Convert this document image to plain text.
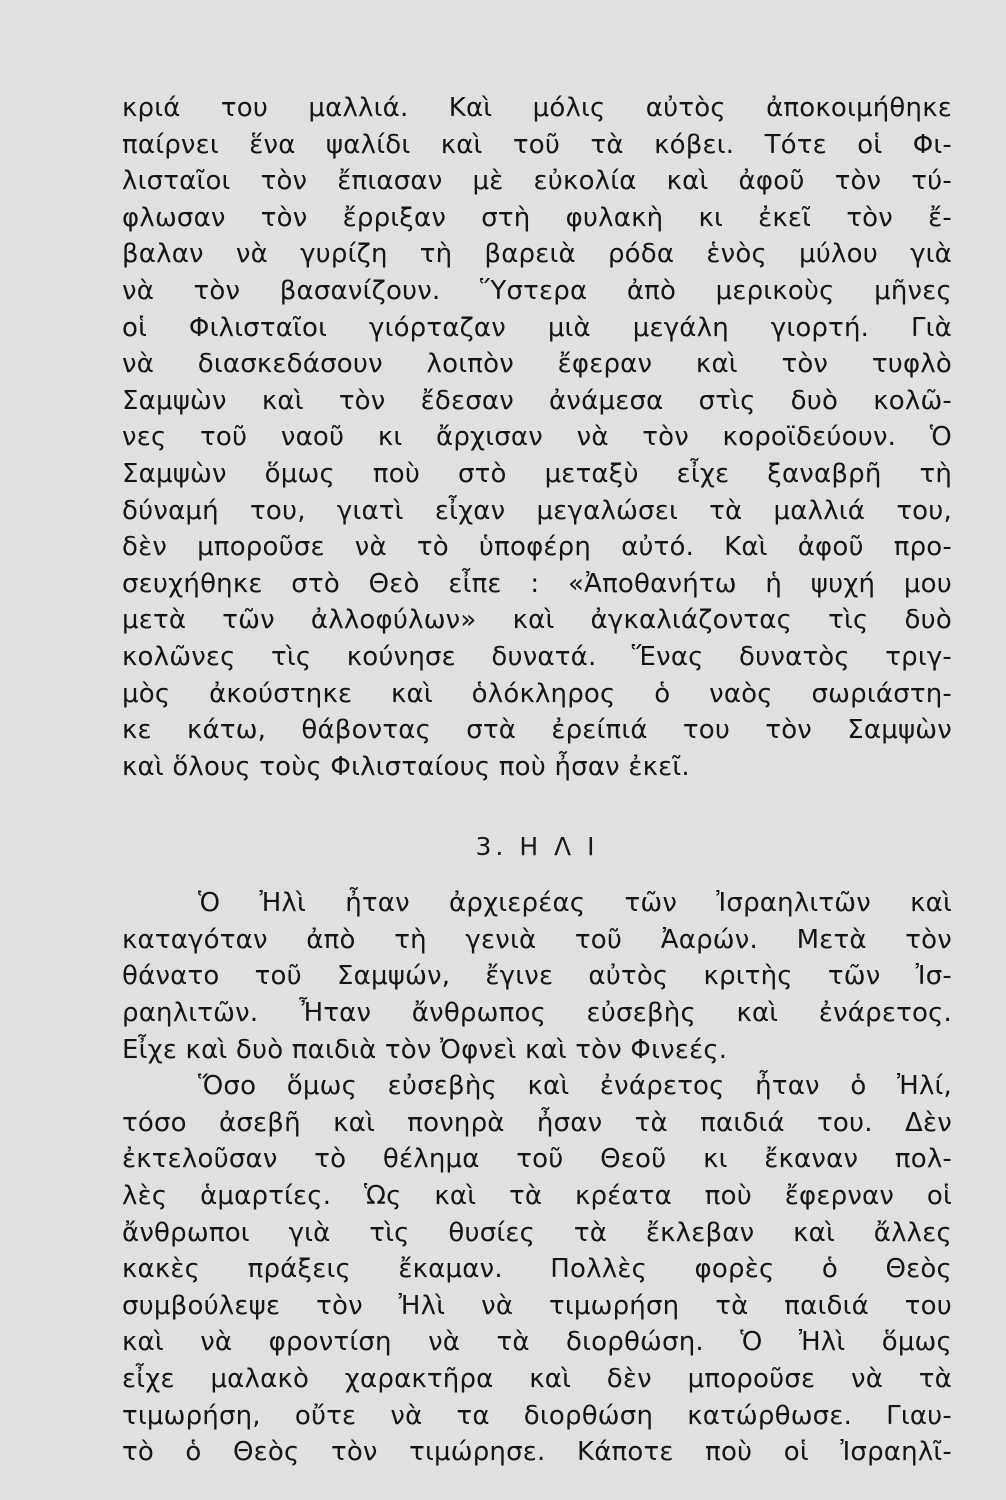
κριά του μαλλιά. Καὶ μόλις αὐτὸς ἀποκοιμήθηκε
παίρνει ἕνα ψαλίδι καὶ τοῦ τὰ κόβει. Τότε οἱ Φι-
λισταῖοι τὸν ἔπιασαν μὲ εὐκολία καὶ ἀφοῦ τὸν τύ-
φλωσαν τὸν ἔρριξαν στὴ φυλακὴ κι ἐκεῖ τὸν ἔ-
βαλαν νὰ γυρίζη τὴ βαρειὰ ρόδα ἑνὸς μύλου γιὰ
νὰ τὸν βασανίζουν. Ὕστερα ἀπὸ μερικοὺς μῆνες
οἱ Φιλισταῖοι γιόρταζαν μιὰ μεγάλη γιορτή. Γιὰ
νὰ διασκεδάσουν λοιπὸν ἔφεραν καὶ τὸν τυφλὸ
Σαμψὼν καὶ τὸν ἔδεσαν ἀνάμεσα στὶς δυὸ κολῶ-
νες τοῦ ναοῦ κι ἄρχισαν νὰ τὸν κοροϊδεύουν. Ὁ
Σαμψὼν ὅμως ποὺ στὸ μεταξὺ εἶχε ξαναβρῆ τὴ
δύναμή του, γιατὶ εἶχαν μεγαλώσει τὰ μαλλιά του,
δὲν μποροῦσε νὰ τὸ ὑποφέρη αὐτό. Καὶ ἀφοῦ προ-
σευχήθηκε στὸ Θεὸ εἶπε : «Ἀποθανήτω ἡ ψυχή μου
μετὰ τῶν ἀλλοφύλων» καὶ ἀγκαλιάζοντας τὶς δυὸ
κολῶνες τὶς κούνησε δυνατά. Ἕνας δυνατὸς τριγ-
μὸς ἀκούστηκε καὶ ὁλόκληρος ὁ ναὸς σωριάστη-
κε κάτω, θάβοντας στὰ ἐρείπιά του τὸν Σαμψὼν
καὶ ὅλους τοὺς Φιλισταίους ποὺ ἦσαν ἐκεῖ.
3. Η Λ Ι
Ὁ Ἠλὶ ἦταν ἀρχιερέας τῶν Ἰσραηλιτῶν καὶ
καταγόταν ἀπὸ τὴ γενιὰ τοῦ Ἀαρών. Μετὰ τὸν
θάνατο τοῦ Σαμψών, ἔγινε αὐτὸς κριτὴς τῶν Ἰσ-
ραηλιτῶν. Ἦταν ἄνθρωπος εὐσεβὴς καὶ ἐνάρετος.
Εἶχε καὶ δυὸ παιδιὰ τὸν Ὀφνεὶ καὶ τὸν Φινεές.
Ὅσο ὅμως εὐσεβὴς καὶ ἐνάρετος ἦταν ὁ Ἠλί,
τόσο ἀσεβῆ καὶ πονηρὰ ἦσαν τὰ παιδιά του. Δὲν
ἐκτελοῦσαν τὸ θέλημα τοῦ Θεοῦ κι ἔκαναν πολ-
λὲς ἁμαρτίες. Ὡς καὶ τὰ κρέατα ποὺ ἔφερναν οἱ
ἄνθρωποι γιὰ τὶς θυσίες τὰ ἔκλεβαν καὶ ἄλλες
κακὲς πράξεις ἔκαμαν. Πολλὲς φορὲς ὁ Θεὸς
συμβούλεψε τὸν Ἠλὶ νὰ τιμωρήση τὰ παιδιά του
καὶ νὰ φροντίση νὰ τὰ διορθώση. Ὁ Ἠλὶ ὅμως
εἶχε μαλακὸ χαρακτῆρα καὶ δὲν μποροῦσε νὰ τὰ
τιμωρήση, οὔτε νὰ τα διορθώση κατώρθωσε. Γιαυ-
τὸ ὁ Θεὸς τὸν τιμώρησε. Κάποτε ποὺ οἱ Ἰσραηλῖ-
